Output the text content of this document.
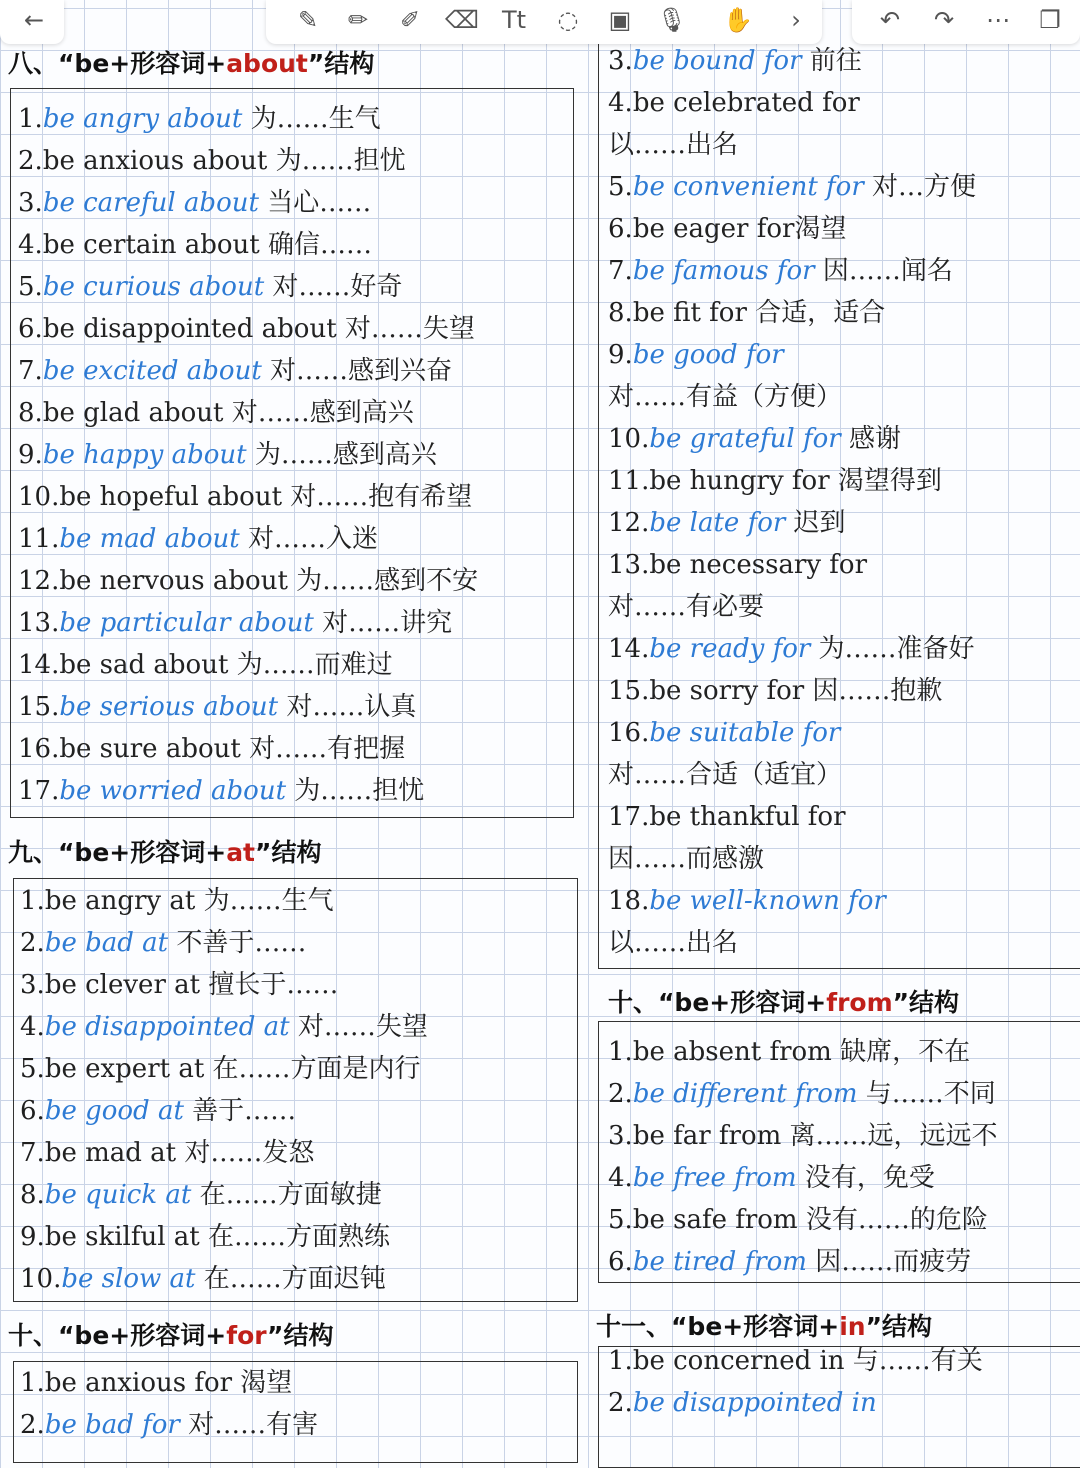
←	✎	✏	✐	⌫ Tt	◌	▣	🎙 ✋	›	↶	↷	⋯	❐
八、“be+形容词+about”结构
1.be angry about 为……生气
2.be anxious about 为……担忧
3.be careful about 当心……
4.be certain about 确信……
5.be curious about 对……好奇
6.be disappointed about 对……失望
7.be excited about 对……感到兴奋
8.be glad about 对……感到高兴
9.be happy about 为……感到高兴
10.be hopeful about 对……抱有希望
11.be mad about 对……入迷
12.be nervous about 为……感到不安
13.be particular about 对……讲究
14.be sad about 为……而难过
15.be serious about 对……认真
16.be sure about 对……有把握
17.be worried about 为……担忧
九、“be+形容词+at”结构
1.be angry at 为……生气
2.be bad at 不善于……
3.be clever at 擅长于……
4.be disappointed at 对……失望
5.be expert at 在……方面是内行
6.be good at 善于……
7.be mad at 对……发怒
8.be quick at 在……方面敏捷
9.be skilful at 在……方面熟练
10.be slow at 在……方面迟钝
十、“be+形容词+for”结构
1.be anxious for 渴望
2.be bad for 对……有害
3.be bound for 前往
4.be celebrated for
以……出名
5.be convenient for 对…方便
6.be eager for渴望
7.be famous for 因……闻名
8.be fit for 合适，适合
9.be good for
对……有益（方便）
10.be grateful for 感谢
11.be hungry for 渴望得到
12.be late for 迟到
13.be necessary for
对……有必要
14.be ready for 为……准备好
15.be sorry for 因……抱歉
16.be suitable for
对……合适（适宜）
17.be thankful for
因……而感激
18.be well-known for
以……出名
十、“be+形容词+from”结构
1.be absent from 缺席，不在
2.be different from 与……不同
3.be far from 离……远，远远不
4.be free from 没有，免受
5.be safe from 没有……的危险
6.be tired from 因……而疲劳
十一、“be+形容词+in”结构
1.be concerned in 与……有关
2.be disappointed in
